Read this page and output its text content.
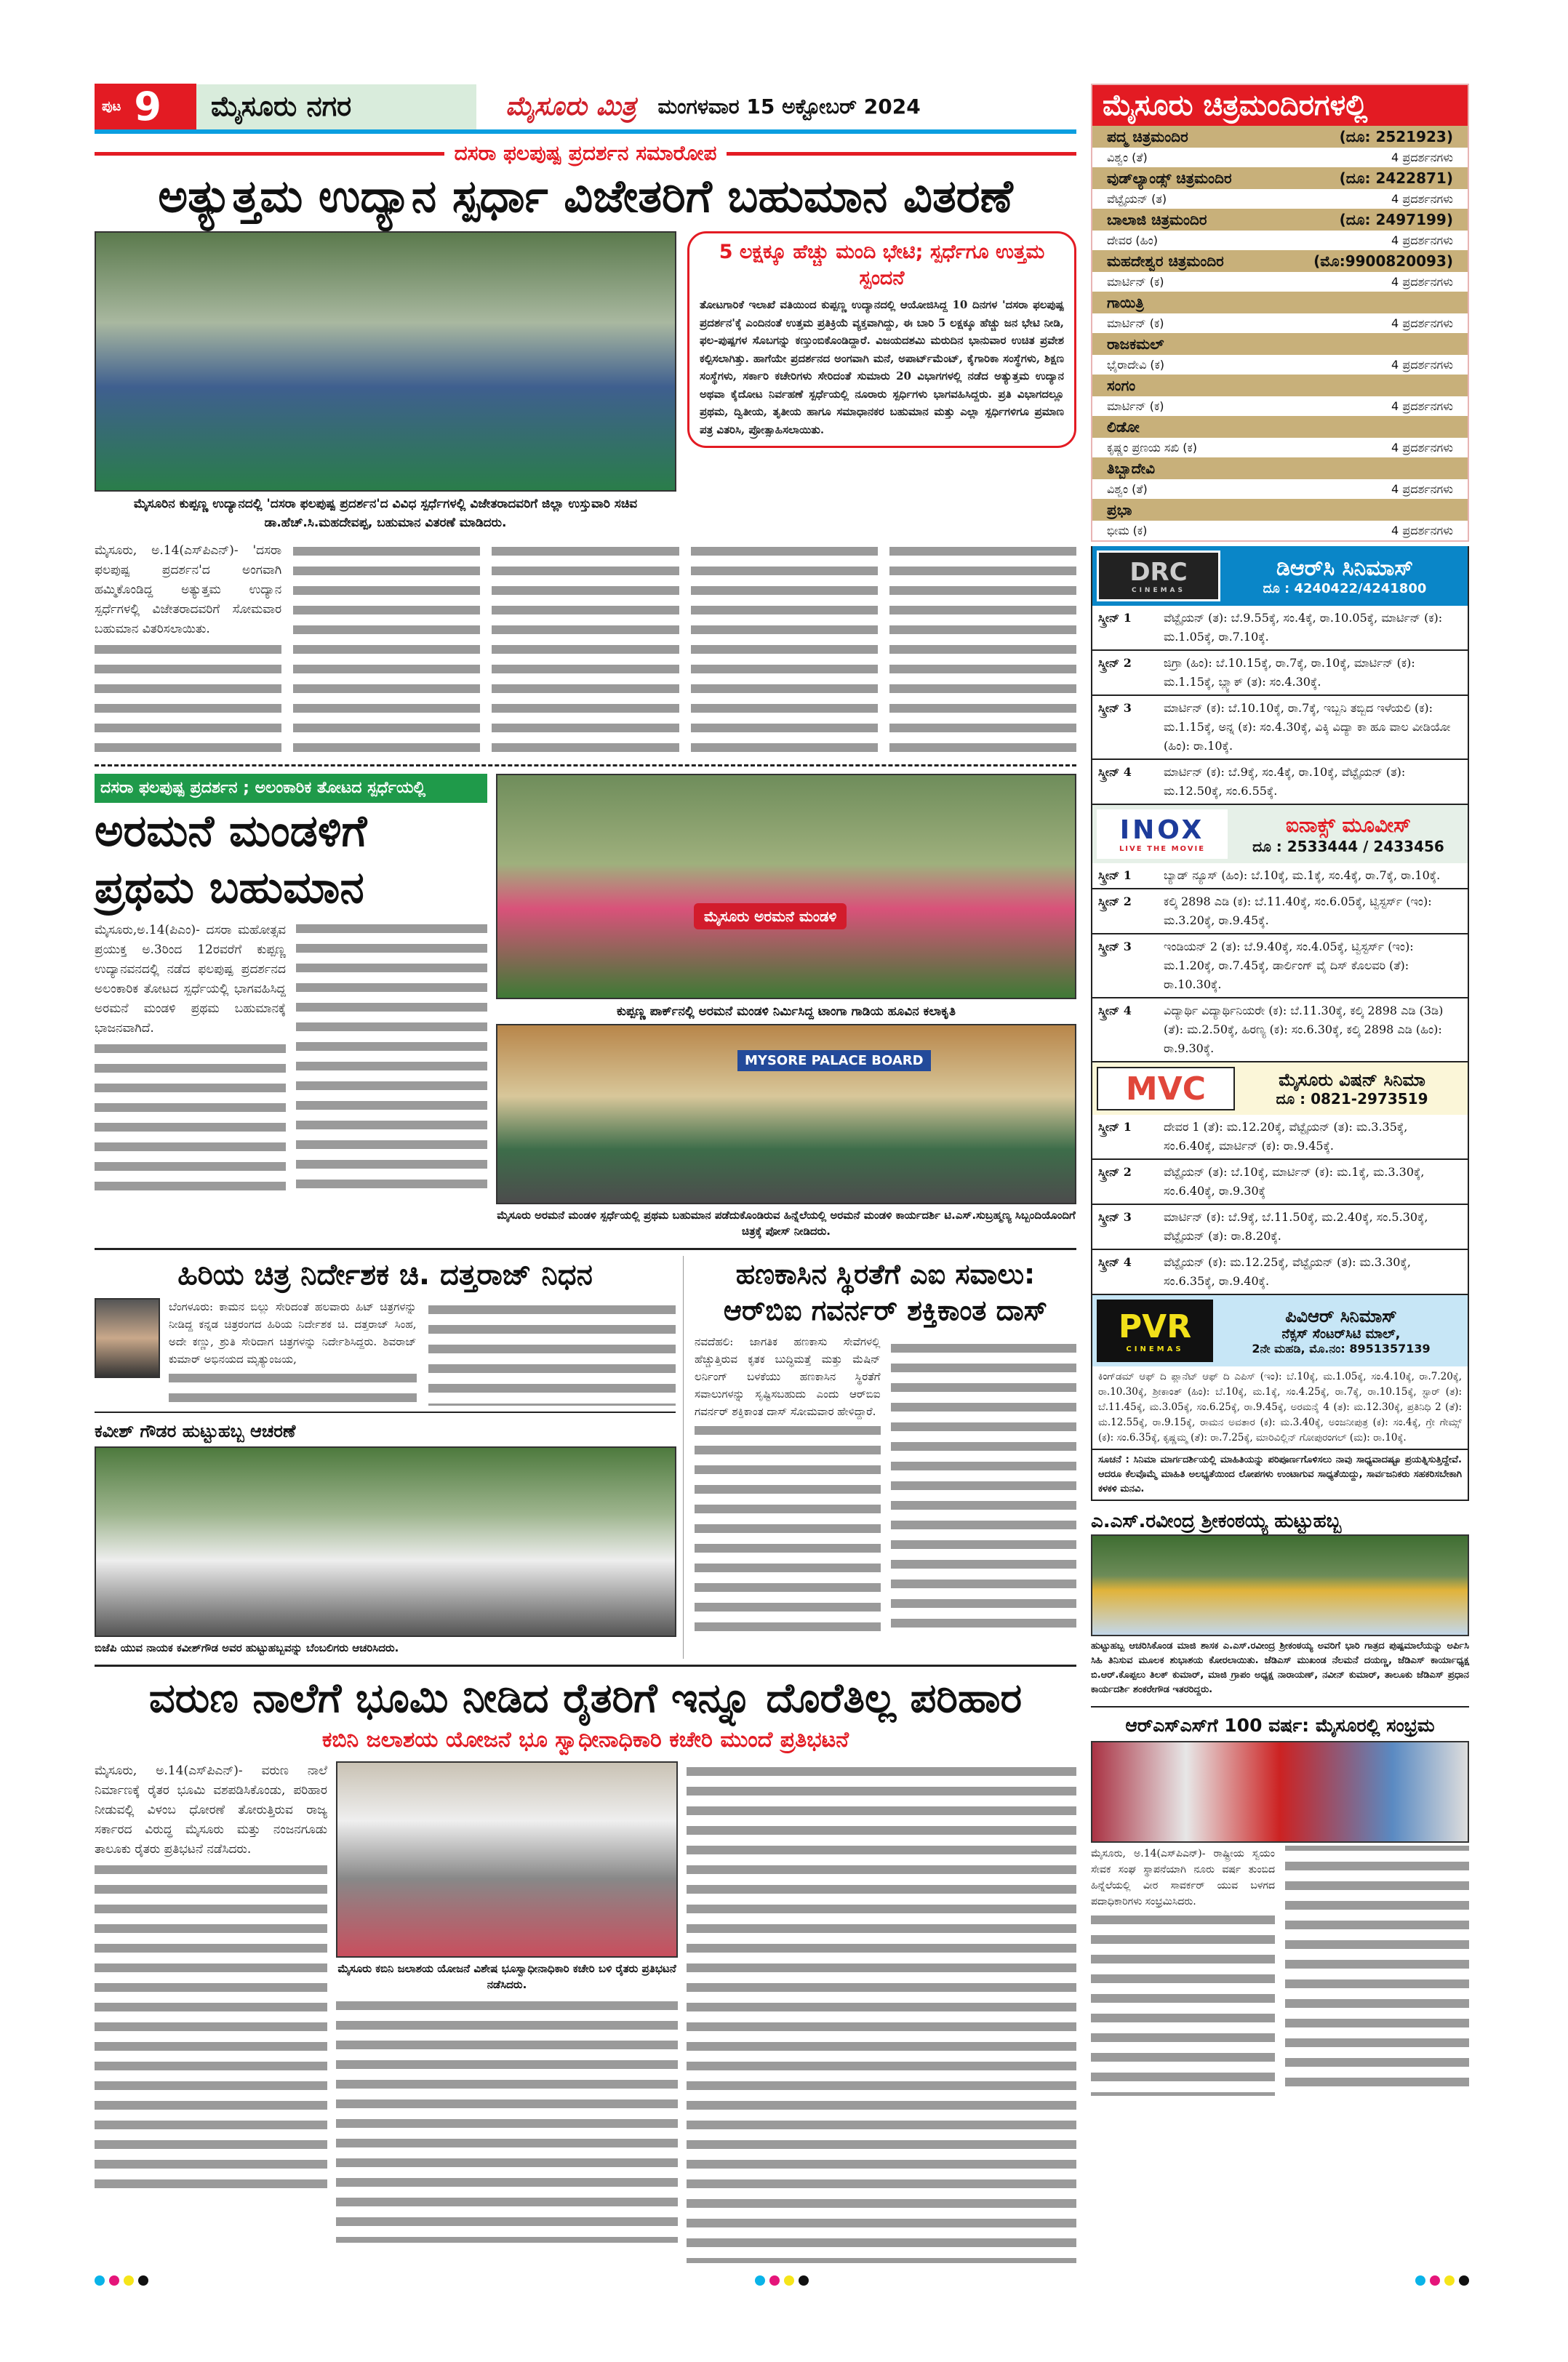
ಪುಟ 9	ಮೈಸೂರು ನಗರ	ಮೈಸೂರು ಮಿತ್ರ ಮಂಗಳವಾರ 15 ಅಕ್ಟೋಬರ್ 2024
ದಸರಾ ಫಲಪುಷ್ಪ ಪ್ರದರ್ಶನ ಸಮಾರೋಪ
ಅತ್ಯುತ್ತಮ ಉದ್ಯಾನ ಸ್ಪರ್ಧಾ ವಿಜೇತರಿಗೆ ಬಹುಮಾನ ವಿತರಣೆ
ಮೈಸೂರಿನ ಕುಪ್ಪಣ್ಣ ಉದ್ಯಾನದಲ್ಲಿ 'ದಸರಾ ಫಲಪುಷ್ಪ ಪ್ರದರ್ಶನ'ದ ವಿವಿಧ ಸ್ಪರ್ಧೆಗಳಲ್ಲಿ ವಿಜೇತರಾದವರಿಗೆ ಜಿಲ್ಲಾ ಉಸ್ತುವಾರಿ ಸಚಿವ ಡಾ.ಹೆಚ್.ಸಿ.ಮಹದೇವಪ್ಪ, ಬಹುಮಾನ ವಿತರಣೆ ಮಾಡಿದರು.
5 ಲಕ್ಷಕ್ಕೂ ಹೆಚ್ಚು ಮಂದಿ ಭೇಟಿ; ಸ್ಪರ್ಧೆಗೂ ಉತ್ತಮ ಸ್ಪಂದನೆ
ತೋಟಗಾರಿಕೆ ಇಲಾಖೆ ವತಿಯಿಂದ ಕುಪ್ಪಣ್ಣ ಉದ್ಯಾನದಲ್ಲಿ ಆಯೋಜಿಸಿದ್ದ 10 ದಿನಗಳ 'ದಸರಾ ಫಲಪುಷ್ಪ ಪ್ರದರ್ಶನ'ಕ್ಕೆ ಎಂದಿನಂತೆ ಉತ್ತಮ ಪ್ರತಿಕ್ರಿಯೆ ವ್ಯಕ್ತವಾಗಿದ್ದು, ಈ ಬಾರಿ 5 ಲಕ್ಷಕ್ಕೂ ಹೆಚ್ಚು ಜನ ಭೇಟಿ ನೀಡಿ, ಫಲ-ಪುಷ್ಪಗಳ ಸೊಬಗನ್ನು ಕಣ್ತುಂಬಿಕೊಂಡಿದ್ದಾರೆ. ವಿಜಯದಶಮಿ ಮರುದಿನ ಭಾನುವಾರ ಉಚಿತ ಪ್ರವೇಶ ಕಲ್ಪಿಸಲಾಗಿತ್ತು. ಹಾಗೆಯೇ ಪ್ರದರ್ಶನದ ಅಂಗವಾಗಿ ಮನೆ, ಅಪಾರ್ಟ್‌ಮೆಂಟ್, ಕೈಗಾರಿಕಾ ಸಂಸ್ಥೆಗಳು, ಶಿಕ್ಷಣ ಸಂಸ್ಥೆಗಳು, ಸರ್ಕಾರಿ ಕಚೇರಿಗಳು ಸೇರಿದಂತೆ ಸುಮಾರು 20 ವಿಭಾಗಗಳಲ್ಲಿ ನಡೆದ ಅತ್ಯುತ್ತಮ ಉದ್ಯಾನ ಅಥವಾ ಕೈದೋಟ ನಿರ್ವಹಣೆ ಸ್ಪರ್ಧೆಯಲ್ಲಿ ನೂರಾರು ಸ್ಪರ್ಧಿಗಳು ಭಾಗವಹಿಸಿದ್ದರು. ಪ್ರತಿ ವಿಭಾಗದಲ್ಲೂ ಪ್ರಥಮ, ದ್ವಿತೀಯ, ತೃತೀಯ ಹಾಗೂ ಸಮಾಧಾನಕರ ಬಹುಮಾನ ಮತ್ತು ಎಲ್ಲಾ ಸ್ಪರ್ಧಿಗಳಿಗೂ ಪ್ರಮಾಣ ಪತ್ರ ವಿತರಿಸಿ, ಪ್ರೋತ್ಸಾಹಿಸಲಾಯಿತು.
ಮೈಸೂರು, ಅ.14(ಎಸ್‌ಪಿಎನ್)- 'ದಸರಾ ಫಲಪುಷ್ಪ ಪ್ರದರ್ಶನ'ದ ಅಂಗವಾಗಿ ಹಮ್ಮಿಕೊಂಡಿದ್ದ ಅತ್ಯುತ್ತಮ ಉದ್ಯಾನ ಸ್ಪರ್ಧೆಗಳಲ್ಲಿ ವಿಜೇತರಾದವರಿಗೆ ಸೋಮವಾರ ಬಹುಮಾನ ವಿತರಿಸಲಾಯಿತು.
ದಸರಾ ಫಲಪುಷ್ಪ ಪ್ರದರ್ಶನ ; ಅಲಂಕಾರಿಕ ತೋಟದ ಸ್ಪರ್ಧೆಯಲ್ಲಿ
ಅರಮನೆ ಮಂಡಳಿಗೆ
ಪ್ರಥಮ ಬಹುಮಾನ
ಮೈಸೂರು,ಅ.14(ಪಿಎಂ)- ದಸರಾ ಮಹೋತ್ಸವ ಪ್ರಯುಕ್ತ ಅ.3ರಿಂದ 12ರವರೆಗೆ ಕುಪ್ಪಣ್ಣ ಉದ್ಯಾನವನದಲ್ಲಿ ನಡೆದ ಫಲಪುಷ್ಪ ಪ್ರದರ್ಶನದ ಅಲಂಕಾರಿಕ ತೋಟದ ಸ್ಪರ್ಧೆಯಲ್ಲಿ ಭಾಗವಹಿಸಿದ್ದ ಅರಮನೆ ಮಂಡಳಿ ಪ್ರಥಮ ಬಹುಮಾನಕ್ಕೆ ಭಾಜನವಾಗಿದೆ.
ಮೈಸೂರು ಅರಮನೆ ಮಂಡಳಿ
ಕುಪ್ಪಣ್ಣ ಪಾರ್ಕ್‌ನಲ್ಲಿ ಅರಮನೆ ಮಂಡಳಿ ನಿರ್ಮಿಸಿದ್ದ ಟಾಂಗಾ ಗಾಡಿಯ ಹೂವಿನ ಕಲಾಕೃತಿ
MYSORE PALACE BOARD
ಮೈಸೂರು ಅರಮನೆ ಮಂಡಳಿ ಸ್ಪರ್ಧೆಯಲ್ಲಿ ಪ್ರಥಮ ಬಹುಮಾನ ಪಡೆದುಕೊಂಡಿರುವ ಹಿನ್ನೆಲೆಯಲ್ಲಿ ಅರಮನೆ ಮಂಡಳಿ ಕಾರ್ಯದರ್ಶಿ ಟಿ.ಎಸ್.ಸುಬ್ರಹ್ಮಣ್ಯ ಸಿಬ್ಬಂದಿಯೊಂದಿಗೆ ಚಿತ್ರಕ್ಕೆ ಪೋಸ್ ನೀಡಿದರು.
ಹಿರಿಯ ಚಿತ್ರ ನಿರ್ದೇಶಕ ಚಿ. ದತ್ತರಾಜ್ ನಿಧನ
ಬೆಂಗಳೂರು: ಕಾಮನ ಬಿಲ್ಲು ಸೇರಿದಂತೆ ಹಲವಾರು ಹಿಟ್ ಚಿತ್ರಗಳನ್ನು ನೀಡಿದ್ದ ಕನ್ನಡ ಚಿತ್ರರಂಗದ ಹಿರಿಯ ನಿರ್ದೇಶಕ ಚಿ. ದತ್ತರಾಜ್ ಸಿಂಹ, ಅದೇ ಕಣ್ಣು, ಶ್ರುತಿ ಸೇರಿದಾಗ ಚಿತ್ರಗಳನ್ನು ನಿರ್ದೇಶಿಸಿದ್ದರು. ಶಿವರಾಜ್ ಕುಮಾರ್ ಅಭಿನಯದ ಮೃತ್ಯುಂಜಯ,
ಕವೀಶ್ ಗೌಡರ ಹುಟ್ಟುಹಬ್ಬ ಆಚರಣೆ
ಬಿಜೆಪಿ ಯುವ ನಾಯಕ ಕವೀಶ್‌ಗೌಡ ಅವರ ಹುಟ್ಟುಹಬ್ಬವನ್ನು ಬೆಂಬಲಿಗರು ಆಚರಿಸಿದರು.
ಹಣಕಾಸಿನ ಸ್ಥಿರತೆಗೆ ಎಐ ಸವಾಲು:
ಆರ್‌ಬಿಐ ಗವರ್ನರ್ ಶಕ್ತಿಕಾಂತ ದಾಸ್
ನವದೆಹಲಿ: ಜಾಗತಿಕ ಹಣಕಾಸು ಸೇವೆಗಳಲ್ಲಿ ಹೆಚ್ಚುತ್ತಿರುವ ಕೃತಕ ಬುದ್ಧಿಮತ್ತೆ ಮತ್ತು ಮೆಷಿನ್ ಲರ್ನಿಂಗ್ ಬಳಕೆಯು ಹಣಕಾಸಿನ ಸ್ಥಿರತೆಗೆ ಸವಾಲುಗಳನ್ನು ಸೃಷ್ಟಿಸಬಹುದು ಎಂದು ಆರ್‌ಬಿಐ ಗವರ್ನರ್ ಶಕ್ತಿಕಾಂತ ದಾಸ್ ಸೋಮವಾರ ಹೇಳಿದ್ದಾರೆ.
ವರುಣ ನಾಲೆಗೆ ಭೂಮಿ ನೀಡಿದ ರೈತರಿಗೆ ಇನ್ನೂ ದೊರೆತಿಲ್ಲ ಪರಿಹಾರ
ಕಬಿನಿ ಜಲಾಶಯ ಯೋಜನೆ ಭೂ ಸ್ವಾಧೀನಾಧಿಕಾರಿ ಕಚೇರಿ ಮುಂದೆ ಪ್ರತಿಭಟನೆ
ಮೈಸೂರು, ಅ.14(ಎಸ್‌ಪಿಎನ್)- ವರುಣ ನಾಲೆ ನಿರ್ಮಾಣಕ್ಕೆ ರೈತರ ಭೂಮಿ ವಶಪಡಿಸಿಕೊಂಡು, ಪರಿಹಾರ ನೀಡುವಲ್ಲಿ ವಿಳಂಬ ಧೋರಣೆ ತೋರುತ್ತಿರುವ ರಾಜ್ಯ ಸರ್ಕಾರದ ವಿರುದ್ಧ ಮೈಸೂರು ಮತ್ತು ನಂಜನಗೂಡು ತಾಲೂಕು ರೈತರು ಪ್ರತಿಭಟನೆ ನಡೆಸಿದರು.
ಮೈಸೂರು ಕಬಿನಿ ಜಲಾಶಯ ಯೋಜನೆ ವಿಶೇಷ ಭೂಸ್ವಾಧೀನಾಧಿಕಾರಿ ಕಚೇರಿ ಬಳಿ ರೈತರು ಪ್ರತಿಭಟನೆ ನಡೆಸಿದರು.
ಮೈಸೂರು ಚಿತ್ರಮಂದಿರಗಳಲ್ಲಿ
ಪದ್ಮ ಚಿತ್ರಮಂದಿರ	(ದೂ: 2521923)
ವಿಶ್ವಂ (ತೆ)	4 ಪ್ರದರ್ಶನಗಳು
ವುಡ್‌ಲ್ಯಾಂಡ್ಸ್ ಚಿತ್ರಮಂದಿರ	(ದೂ: 2422871)
ವೆಟ್ಟೈಯನ್ (ತ)	4 ಪ್ರದರ್ಶನಗಳು
ಬಾಲಾಜಿ ಚಿತ್ರಮಂದಿರ	(ದೂ: 2497199)
ದೇವರ (ಹಿಂ)	4 ಪ್ರದರ್ಶನಗಳು
ಮಹದೇಶ್ವರ ಚಿತ್ರಮಂದಿರ	(ಮೊ:9900820093)
ಮಾರ್ಟಿನ್ (ಕ)	4 ಪ್ರದರ್ಶನಗಳು
ಗಾಯಿತ್ರಿ
ಮಾರ್ಟಿನ್ (ಕ)	4 ಪ್ರದರ್ಶನಗಳು
ರಾಜಕಮಲ್
ಭೈರಾದೇವಿ (ಕ)	4 ಪ್ರದರ್ಶನಗಳು
ಸಂಗಂ
ಮಾರ್ಟಿನ್ (ಕ)	4 ಪ್ರದರ್ಶನಗಳು
ಲಿಡೋ
ಕೃಷ್ಣಂ ಪ್ರಣಯ ಸಖಿ (ಕ)	4 ಪ್ರದರ್ಶನಗಳು
ತಿಬ್ಬಾದೇವಿ
ವಿಶ್ವಂ (ತೆ)	4 ಪ್ರದರ್ಶನಗಳು
ಪ್ರಭಾ
ಭೀಮ (ಕ)	4 ಪ್ರದರ್ಶನಗಳು
DRC
CINEMAS
ಡಿಆರ್‌ಸಿ ಸಿನಿಮಾಸ್
ದೂ : 4240422/4241800
ಸ್ಕ್ರೀನ್ 1	ವೆಟ್ಟೈಯನ್ (ತ): ಬೆ.9.55ಕ್ಕೆ, ಸಂ.4ಕ್ಕೆ, ರಾ.10.05ಕ್ಕೆ, ಮಾರ್ಟಿನ್ (ಕ): ಮ.1.05ಕ್ಕೆ, ರಾ.7.10ಕ್ಕೆ.
ಸ್ಕ್ರೀನ್ 2	ಜಿಗ್ರಾ (ಹಿಂ): ಬೆ.10.15ಕ್ಕೆ, ರಾ.7ಕ್ಕೆ, ರಾ.10ಕ್ಕೆ, ಮಾರ್ಟಿನ್ (ಕ): ಮ.1.15ಕ್ಕೆ, ಬ್ಲ್ಯಾಕ್ (ತ): ಸಂ.4.30ಕ್ಕೆ.
ಸ್ಕ್ರೀನ್ 3	ಮಾರ್ಟಿನ್ (ಕ): ಬೆ.10.10ಕ್ಕೆ, ರಾ.7ಕ್ಕೆ, ಇಬ್ಬನಿ ತಬ್ಬಿದ ಇಳೆಯಲಿ (ಕ): ಮ.1.15ಕ್ಕೆ, ಅನ್ನ (ಕ): ಸಂ.4.30ಕ್ಕೆ, ವಿಕ್ಕಿ ವಿದ್ಯಾ ಕಾ ಹೂ ವಾಲ ವೀಡಿಯೋ (ಹಿಂ): ರಾ.10ಕ್ಕೆ.
ಸ್ಕ್ರೀನ್ 4	ಮಾರ್ಟಿನ್ (ಕ): ಬೆ.9ಕ್ಕೆ, ಸಂ.4ಕ್ಕೆ, ರಾ.10ಕ್ಕೆ, ವೆಟ್ಟೈಯನ್ (ತ): ಮ.12.50ಕ್ಕೆ, ಸಂ.6.55ಕ್ಕೆ.
INOX
LIVE THE MOVIE
ಐನಾಕ್ಸ್ ಮೂವೀಸ್
ದೂ : 2533444 / 2433456
ಸ್ಕ್ರೀನ್ 1	ಬ್ಯಾಡ್ ನ್ಯೂಸ್ (ಹಿಂ): ಬೆ.10ಕ್ಕೆ, ಮ.1ಕ್ಕೆ, ಸಂ.4ಕ್ಕೆ, ರಾ.7ಕ್ಕೆ, ರಾ.10ಕ್ಕೆ.
ಸ್ಕ್ರೀನ್ 2	ಕಲ್ಕಿ 2898 ಎಡಿ (ಕ): ಬೆ.11.40ಕ್ಕೆ, ಸಂ.6.05ಕ್ಕೆ, ಟ್ವಿಸ್ಟರ್ಸ್ (ಇಂ): ಮ.3.20ಕ್ಕೆ, ರಾ.9.45ಕ್ಕೆ.
ಸ್ಕ್ರೀನ್ 3	ಇಂಡಿಯನ್ 2 (ತ): ಬೆ.9.40ಕ್ಕೆ, ಸಂ.4.05ಕ್ಕೆ, ಟ್ವಿಸ್ಟರ್ಸ್ (ಇಂ): ಮ.1.20ಕ್ಕೆ, ರಾ.7.45ಕ್ಕೆ, ಡಾರ್ಲಿಂಗ್ ವೈ ದಿಸ್ ಕೊಲವರಿ (ತೆ): ರಾ.10.30ಕ್ಕೆ.
ಸ್ಕ್ರೀನ್ 4	ವಿದ್ಯಾರ್ಥಿ ವಿದ್ಯಾರ್ಥಿನಿಯರೇ (ಕ): ಬೆ.11.30ಕ್ಕೆ, ಕಲ್ಕಿ 2898 ಎಡಿ (3ಡಿ)(ತೆ): ಮ.2.50ಕ್ಕೆ, ಹಿರಣ್ಯ (ಕ): ಸಂ.6.30ಕ್ಕೆ, ಕಲ್ಕಿ 2898 ಎಡಿ (ಹಿಂ): ರಾ.9.30ಕ್ಕೆ.
MVC	ಮೈಸೂರು ವಿಷನ್ ಸಿನಿಮಾ
ದೂ : 0821-2973519
ಸ್ಕ್ರೀನ್ 1	ದೇವರ 1 (ತೆ): ಮ.12.20ಕ್ಕೆ, ವೆಟ್ಟೈಯನ್ (ತ): ಮ.3.35ಕ್ಕೆ, ಸಂ.6.40ಕ್ಕೆ, ಮಾರ್ಟಿನ್ (ಕ): ರಾ.9.45ಕ್ಕೆ.
ಸ್ಕ್ರೀನ್ 2	ವೆಟ್ಟೈಯನ್ (ತ): ಬೆ.10ಕ್ಕೆ, ಮಾರ್ಟಿನ್ (ಕ): ಮ.1ಕ್ಕೆ, ಮ.3.30ಕ್ಕೆ, ಸಂ.6.40ಕ್ಕೆ, ರಾ.9.30ಕ್ಕೆ
ಸ್ಕ್ರೀನ್ 3	ಮಾರ್ಟಿನ್ (ಕ): ಬೆ.9ಕ್ಕೆ, ಬೆ.11.50ಕ್ಕೆ, ಮ.2.40ಕ್ಕೆ, ಸಂ.5.30ಕ್ಕೆ, ವೆಟ್ಟೈಯನ್ (ತ): ರಾ.8.20ಕ್ಕೆ.
ಸ್ಕ್ರೀನ್ 4	ವೆಟ್ಟೈಯನ್ (ಕ): ಮ.12.25ಕ್ಕೆ, ವೆಟ್ಟೈಯನ್ (ತ): ಮ.3.30ಕ್ಕೆ, ಸಂ.6.35ಕ್ಕೆ, ರಾ.9.40ಕ್ಕೆ.
PVR
CINEMAS
ಪಿವಿಆರ್ ಸಿನಿಮಾಸ್
ನೆಕ್ಸಸ್ ಸೆಂಟರ್‌ಸಿಟಿ ಮಾಲ್,
2ನೇ ಮಹಡಿ, ಮೊ.ನಂ: 8951357139
ಕಿಂಗ್‌ಡಮ್ ಆಫ್ ದಿ ಪ್ಲಾನೆಟ್ ಆಫ್ ದಿ ಎಪಿಸ್ (ಇಂ): ಬೆ.10ಕ್ಕೆ, ಮ.1.05ಕ್ಕೆ, ಸಂ.4.10ಕ್ಕೆ, ರಾ.7.20ಕ್ಕೆ, ರಾ.10.30ಕ್ಕೆ, ಶ್ರೀಕಾಂತ್ (ಹಿಂ): ಬೆ.10ಕ್ಕೆ, ಮ.1ಕ್ಕೆ, ಸಂ.4.25ಕ್ಕೆ, ರಾ.7ಕ್ಕೆ, ರಾ.10.15ಕ್ಕೆ, ಸ್ಟಾರ್ (ತ): ಬೆ.11.45ಕ್ಕೆ, ಮ.3.05ಕ್ಕೆ, ಸಂ.6.25ಕ್ಕೆ, ರಾ.9.45ಕ್ಕೆ, ಅರಮನೈ 4 (ತ): ಮ.12.30ಕ್ಕೆ, ಪ್ರತಿನಿಧಿ 2 (ತೆ): ಮ.12.55ಕ್ಕೆ, ರಾ.9.15ಕ್ಕೆ, ರಾಮನ ಅವತಾರ (ಕ): ಮ.3.40ಕ್ಕೆ, ಅಂಜನೀಪುತ್ರ (ಕ): ಸಂ.4ಕ್ಕೆ, ಗ್ರೇ ಗೇಮ್ಸ್ (ಕ): ಸಂ.6.35ಕ್ಕೆ, ಕೃಷ್ಣಮ್ಮ (ತೆ): ರಾ.7.25ಕ್ಕೆ, ಮಾರಿವಿಲ್ಲಿನ್ ಗೋಪುರಂಗಲ್ (ಮ): ರಾ.10ಕ್ಕೆ.
ಸೂಚನೆ : ಸಿನಿಮಾ ಮಾರ್ಗದರ್ಶಿಯಲ್ಲಿ ಮಾಹಿತಿಯನ್ನು ಪರಿಪೂರ್ಣಗೊಳಿಸಲು ನಾವು ಸಾಧ್ಯವಾದಷ್ಟೂ ಪ್ರಯತ್ನಿಸುತ್ತಿದ್ದೇವೆ. ಆದರೂ ಕೆಲವೊಮ್ಮೆ ಮಾಹಿತಿ ಅಲಭ್ಯತೆಯಿಂದ ಲೋಪಗಳು ಉಂಟಾಗುವ ಸಾಧ್ಯತೆಯಿದ್ದು, ಸಾರ್ವಜನಿಕರು ಸಹಕರಿಸಬೇಕಾಗಿ ಕಳಕಳಿ ಮನವಿ.
ಎ.ಎಸ್.ರವೀಂದ್ರ ಶ್ರೀಕಂಠಯ್ಯ ಹುಟ್ಟುಹಬ್ಬ
ಹುಟ್ಟುಹಬ್ಬ ಆಚರಿಸಿಕೊಂಡ ಮಾಜಿ ಶಾಸಕ ಎ.ಎಸ್.ರವೀಂದ್ರ ಶ್ರೀಕಂಠಯ್ಯ ಅವರಿಗೆ ಭಾರಿ ಗಾತ್ರದ ಪುಷ್ಪಮಾಲೆಯನ್ನು ಅರ್ಪಿಸಿ ಸಿಹಿ ತಿನಿಸುವ ಮೂಲಕ ಶುಭಾಶಯ ಕೋರಲಾಯಿತು. ಜೆಡಿಎಸ್ ಮುಖಂಡ ನೆಲಮನೆ ದಯಣ್ಣ, ಜೆಡಿಎಸ್ ಕಾರ್ಯಾಧ್ಯಕ್ಷ ಬಿ.ಆರ್.ಕೊಪ್ಪಲು ತಿಲಕ್ ಕುಮಾರ್, ಮಾಜಿ ಗ್ರಾಪಂ ಅಧ್ಯಕ್ಷ ನಾರಾಯಣ್, ನವೀನ್ ಕುಮಾರ್, ತಾಲೂಕು ಜೆಡಿಎಸ್ ಪ್ರಧಾನ ಕಾರ್ಯದರ್ಶಿ ಶಂಕರೇಗೌಡ ಇತರರಿದ್ದರು.
ಆರ್‌ಎಸ್‌ಎಸ್‌ಗೆ 100 ವರ್ಷ: ಮೈಸೂರಲ್ಲಿ ಸಂಭ್ರಮ
ಮೈಸೂರು, ಅ.14(ಎಸ್‌ಪಿಎನ್)- ರಾಷ್ಟ್ರೀಯ ಸ್ವಯಂ ಸೇವಕ ಸಂಘ ಸ್ಥಾಪನೆಯಾಗಿ ನೂರು ವರ್ಷ ತುಂಬಿದ ಹಿನ್ನೆಲೆಯಲ್ಲಿ ವೀರ ಸಾವರ್ಕರ್ ಯುವ ಬಳಗದ ಪದಾಧಿಕಾರಿಗಳು ಸಂಭ್ರಮಿಸಿದರು.
